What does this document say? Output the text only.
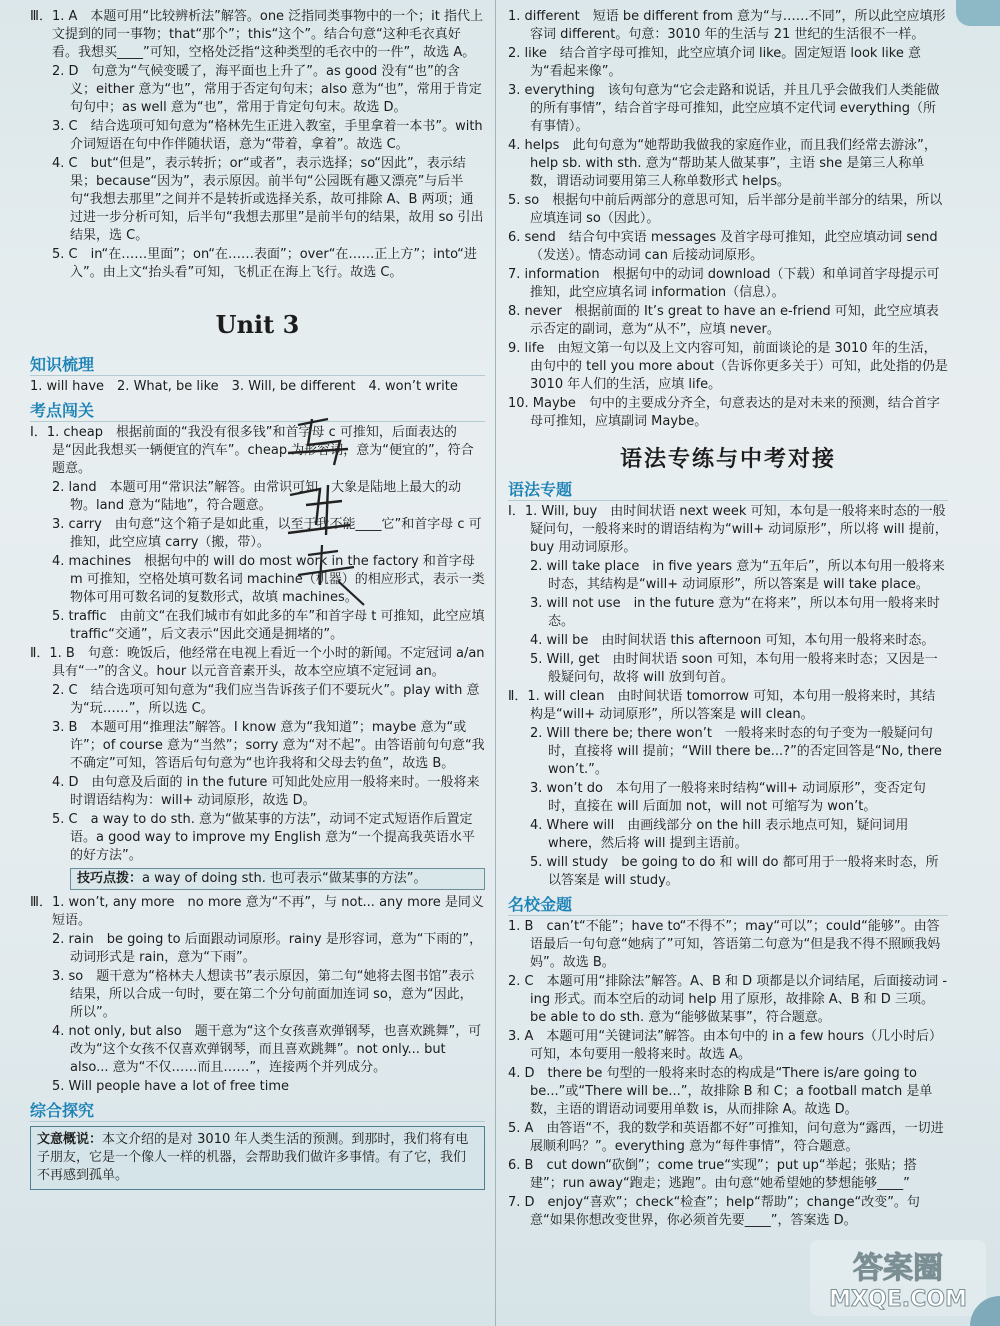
Ⅲ．1. A　本题可用“比较辨析法”解答。one 泛指同类事物中的一个；it 指代上文提到的同一事物；that“那个”；this“这个”。结合句意“这种毛衣真好看。我想买____”可知，空格处泛指“这种类型的毛衣中的一件”，故选 A。

2. D　句意为“气候变暖了，海平面也上升了”。as good 没有“也”的含义；either 意为“也”，常用于否定句句末；also 意为“也”，常用于肯定句句中；as well 意为“也”，常用于肯定句句末。故选 D。

3. C　结合选项可知句意为“格林先生正进入教室，手里拿着一本书”。with 介词短语在句中作伴随状语，意为“带着，拿着”。故选 C。

4. C　but“但是”，表示转折；or“或者”，表示选择；so“因此”，表示结果；because“因为”，表示原因。前半句“公园既有趣又漂亮”与后半句“我想去那里”之间并不是转折或选择关系，故可排除 A、B 两项；通过进一步分析可知，后半句“我想去那里”是前半句的结果，故用 so 引出结果，选 C。

5. C　in“在……里面”；on“在……表面”；over“在……正上方”；into“进入”。由上文“抬头看”可知，飞机正在海上飞行。故选 C。

Unit 3
知识梳理

1. will have　2. What, be like　3. Will, be different　4. won’t write

考点闯关

Ⅰ．1. cheap　根据前面的“我没有很多钱”和首字母 c 可推知，后面表达的是“因此我想买一辆便宜的汽车”。cheap 为形容词，意为“便宜的”，符合题意。

2. land　本题可用“常识法”解答。由常识可知，大象是陆地上最大的动物。land 意为“陆地”，符合题意。

3. carry　由句意“这个箱子是如此重，以至于我不能____它”和首字母 c 可推知，此空应填 carry（搬，带）。

4. machines　根据句中的 will do most work in the factory 和首字母 m 可推知，空格处填可数名词 machine（机器）的相应形式，表示一类物体可用可数名词的复数形式，故填 machines。

5. traffic　由前文“在我们城市有如此多的车”和首字母 t 可推知，此空应填 traffic“交通”，后文表示“因此交通是拥堵的”。

Ⅱ．1. B　句意：晚饭后，他经常在电视上看近一个小时的新闻。不定冠词 a/an 具有“一”的含义。hour 以元音音素开头，故本空应填不定冠词 an。

2. C　结合选项可知句意为“我们应当告诉孩子们不要玩火”。play with 意为“玩……”，所以选 C。

3. B　本题可用“推理法”解答。I know 意为“我知道”；maybe 意为“或许”；of course 意为“当然”；sorry 意为“对不起”。由答语前句句意“我不确定”可知，答语后句句意为“也许我将和父母去钓鱼”，故选 B。

4. D　由句意及后面的 in the future 可知此处应用一般将来时。一般将来时谓语结构为：will+ 动词原形，故选 D。

5. C　a way to do sth. 意为“做某事的方法”，动词不定式短语作后置定语。a good way to improve my English 意为“一个提高我英语水平的好方法”。

技巧点拨：a way of doing sth. 也可表示“做某事的方法”。

Ⅲ．1. won’t, any more　no more 意为“不再”，与 not... any more 是同义短语。

2. rain　be going to 后面跟动词原形。rainy 是形容词，意为“下雨的”，动词形式是 rain，意为“下雨”。

3. so　题干意为“格林夫人想读书”表示原因，第二句“她将去图书馆”表示结果，所以合成一句时，要在第二个分句前面加连词 so，意为“因此，所以”。

4. not only, but also　题干意为“这个女孩喜欢弹钢琴，也喜欢跳舞”，可改为“这个女孩不仅喜欢弹钢琴，而且喜欢跳舞”。not only... but also... 意为“不仅……而且……”，连接两个并列成分。

5. Will people have a lot of free time

综合探究
文意概说：本文介绍的是对 3010 年人类生活的预测。到那时，我们将有电子朋友，它是一个像人一样的机器，会帮助我们做许多事情。有了它，我们不再感到孤单。

1. different　短语 be different from 意为“与……不同”，所以此空应填形容词 different。句意：3010 年的生活与 21 世纪的生活很不一样。

2. like　结合首字母可推知，此空应填介词 like。固定短语 look like 意为“看起来像”。

3. everything　该句句意为“它会走路和说话，并且几乎会做我们人类能做的所有事情”，结合首字母可推知，此空应填不定代词 everything（所有事情）。

4. helps　此句句意为“她帮助我做我的家庭作业，而且我们经常去游泳”，help sb. with sth. 意为“帮助某人做某事”，主语 she 是第三人称单数，谓语动词要用第三人称单数形式 helps。

5. so　根据句中前后两部分的意思可知，后半部分是前半部分的结果，所以应填连词 so（因此）。

6. send　结合句中宾语 messages 及首字母可推知，此空应填动词 send（发送）。情态动词 can 后接动词原形。

7. information　根据句中的动词 download（下载）和单词首字母提示可推知，此空应填名词 information（信息）。

8. never　根据前面的 It’s great to have an e-friend 可知，此空应填表示否定的副词，意为“从不”，应填 never。

9. life　由短文第一句以及上文内容可知，前面谈论的是 3010 年的生活，由句中的 tell you more about（告诉你更多关于）可知，此处指的仍是 3010 年人们的生活，应填 life。

10. Maybe　句中的主要成分齐全，句意表达的是对未来的预测，结合首字母可推知，应填副词 Maybe。

语法专练与中考对接
语法专题

Ⅰ．1. Will, buy　由时间状语 next week 可知，本句是一般将来时态的一般疑问句，一般将来时的谓语结构为“will+ 动词原形”，所以将 will 提前，buy 用动词原形。

2. will take place　in five years 意为“五年后”，所以本句用一般将来时态，其结构是“will+ 动词原形”，所以答案是 will take place。

3. will not use　in the future 意为“在将来”，所以本句用一般将来时态。

4. will be　由时间状语 this afternoon 可知，本句用一般将来时态。

5. Will, get　由时间状语 soon 可知，本句用一般将来时态；又因是一般疑问句，故将 will 放到句首。

Ⅱ．1. will clean　由时间状语 tomorrow 可知，本句用一般将来时，其结构是“will+ 动词原形”，所以答案是 will clean。

2. Will there be; there won’t　一般将来时态的句子变为一般疑问句时，直接将 will 提前；“Will there be...?”的否定回答是“No, there won’t.”。

3. won’t do　本句用了一般将来时结构“will+ 动词原形”，变否定句时，直接在 will 后面加 not，will not 可缩写为 won’t。

4. Where will　由画线部分 on the hill 表示地点可知，疑问词用 where，然后将 will 提到主语前。

5. will study　be going to do 和 will do 都可用于一般将来时态，所以答案是 will study。

名校金题

1. B　can’t“不能”；have to“不得不”；may“可以”；could“能够”。由答语最后一句句意“她病了”可知，答语第二句意为“但是我不得不照顾我妈妈”。故选 B。

2. C　本题可用“排除法”解答。A、B 和 D 项都是以介词结尾，后面接动词 -ing 形式。而本空后的动词 help 用了原形，故排除 A、B 和 D 三项。be able to do sth. 意为“能够做某事”，符合题意。

3. A　本题可用“关键词法”解答。由本句中的 in a few hours（几小时后）可知，本句要用一般将来时。故选 A。

4. D　there be 句型的一般将来时态的构成是“There is/are going to be...”或“There will be...”，故排除 B 和 C；a football match 是单数，主语的谓语动词要用单数 is，从而排除 A。故选 D。

5. A　由答语“不，我的数学和英语都不好”可推知，问句意为“露西，一切进展顺利吗？”。everything 意为“每件事情”，符合题意。

6. B　cut down“砍倒”；come true“实现”；put up“举起；张贴；搭建”；run away“跑走；逃跑”。由句意“她希望她的梦想能够____”

7. D　enjoy“喜欢”；check“检查”；help“帮助”；change“改变”。句意“如果你想改变世界，你必须首先要____”，答案选 D。

答案圈
MXQE.COM
